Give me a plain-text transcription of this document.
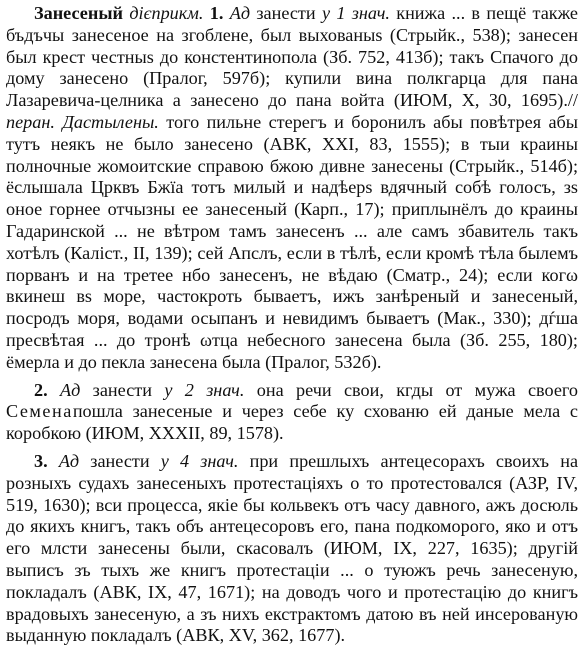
Занесеный дієприкм. 1. Ад занести у 1 знач. книжа ... в пещё также бъдъчы занесеное на згоблене, был выхованыs (Стрыйк., 538); занесен был крест честныs до констентинопола (Зб. 752, 413б); такъ Спачого до дому занесено (Пралог, 597б); купили вина полкгарца для пана Лазаревича-целника а занесено до пана войта (ИЮМ, X, 30, 1695).// перан. Дастылены. того пильне стерегъ и боронилъ абы повѣтрея абы тутъ неякъ не было занесено (АВК, XXI, 83, 1555); в тыи краины полночные жомоитские справою бжою дивне занесены (Стрыйк., 514б); ёслышала Црквъ Бжїа тотъ милый и надѣерs вдячный собѣ голосъ, зs оное горнее отчызны ее занесеный (Карп., 17); приплынёлъ до краины Гадаринской ... не вѣтром тамъ занесенъ ... але самъ збавитель такъ хотѣлъ (Калiст., II, 139); сей Апслъ, если в тѣлѣ, если кромѣ тѣла былемъ порванъ и на третее нбо занесенъ, не вѣдаю (Сматр., 24); если когω вкинеш вs море, частокроть бываетъ, ижъ занѣреный и занесеный, посродъ моря, водами осыпанъ и невидимъ бываетъ (Мак., 330); дѓша пресвѣтая ... до тронѣ ωтца небесного занесена была (Зб. 255, 180); ёмерла и до пекла занесена была (Пралог, 532б).

2. Ад занести у 2 знач. она речи свои, кгды от мужа своего Семенапошла занесеные и через себе ку схованю ей даные мела с коробкою (ИЮМ, XXXII, 89, 1578).

3. Ад занести у 4 знач. при прешлыхъ антецесорахъ своихъ на розныхъ судахъ занесеныхъ протестацiяхъ о то протестовался (АЗР, IV, 519, 1630); вси процесса, якiе бы кольвекъ отъ часу давного, ажъ досюль до якихъ книгъ, такъ объ антецесоровъ его, пана подкоморого, яко и отъ его млсти занесены были, скасовалъ (ИЮМ, IX, 227, 1635); другiй выписъ зъ тыхъ же книгъ протестацiи ... о туюжъ речь занесеную, покладалъ (АВК, IX, 47, 1671); на доводъ чого и протестацiю до книгъ врадовыхъ занесеную, а зъ нихъ екстрактомъ датою въ ней инсерованую выданную покладалъ (АВК, XV, 362, 1677).
